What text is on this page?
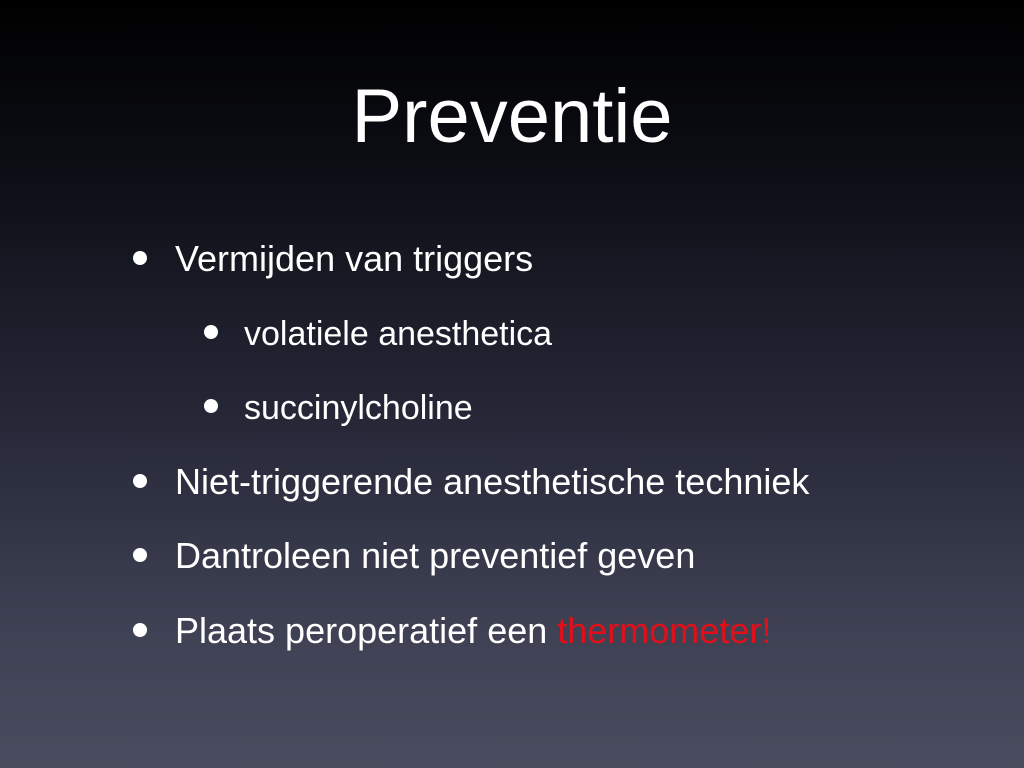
Preventie
Vermijden van triggers
volatiele anesthetica
succinylcholine
Niet-triggerende anesthetische techniek
Dantroleen niet preventief geven
Plaats peroperatief een thermometer!
